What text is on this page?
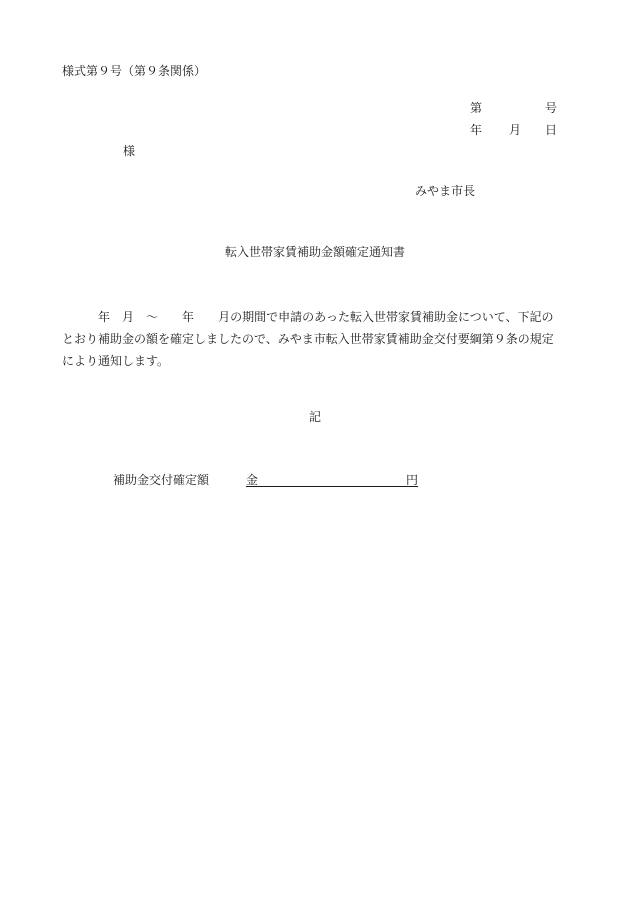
様式第９号（第９条関係）
第	号
年 月 日
様
みやま市長
転入世帯家賃補助金額確定通知書
年 月 ～ 年 月の期間で申請のあった転入世帯家賃補助金について、下記の
とおり補助金の額を確定しましたので、みやま市転入世帯家賃補助金交付要綱第９条の規定
により通知します。
記
補助金交付確定額	金	円
